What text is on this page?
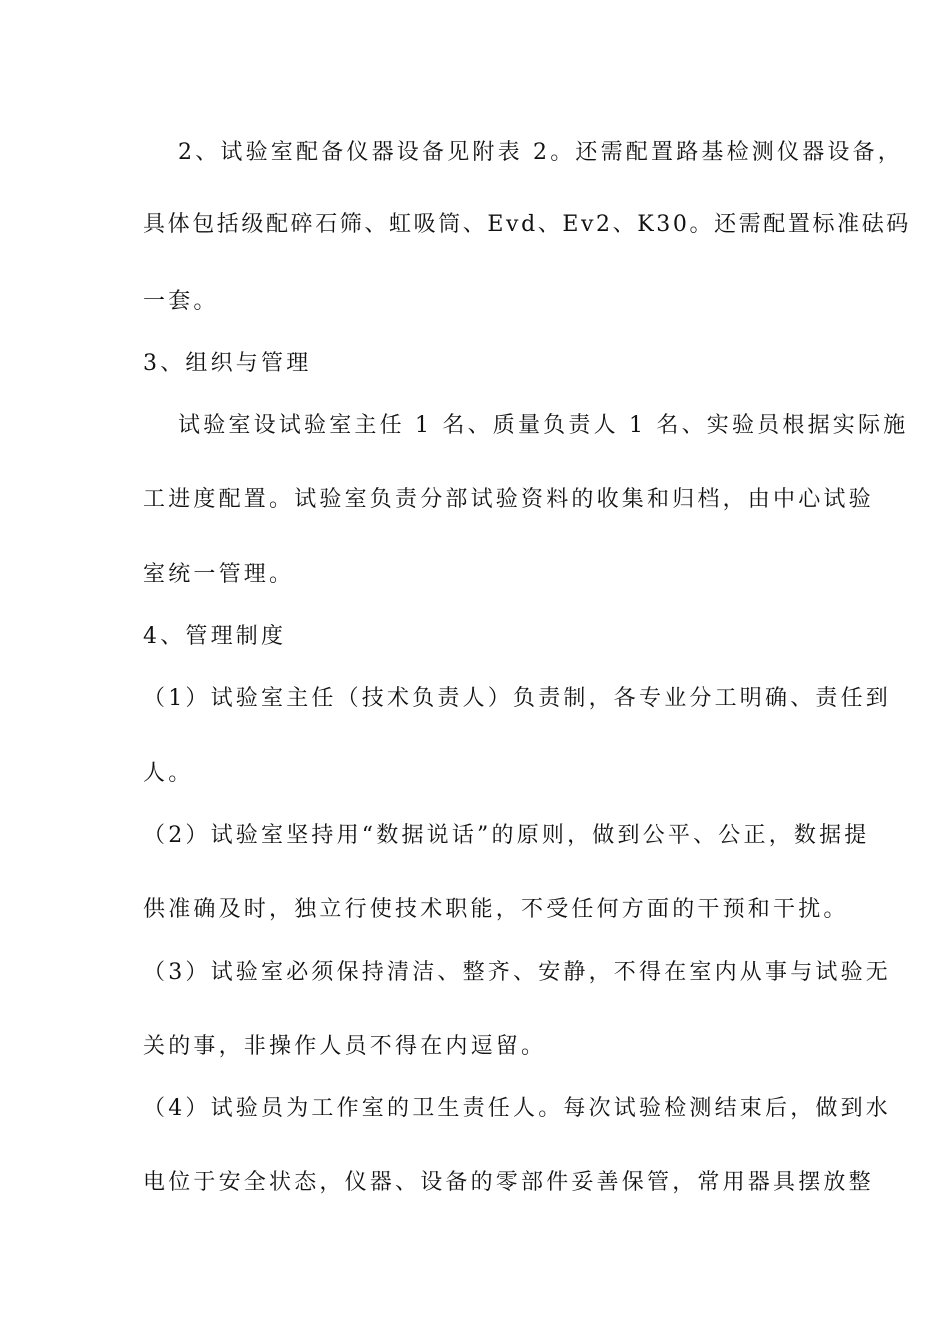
2、试验室配备仪器设备见附表 2。还需配置路基检测仪器设备，
具体包括级配碎石筛、虹吸筒、Evd、Ev2、K30。还需配置标准砝码
一套。
3、组织与管理
试验室设试验室主任 1 名、质量负责人 1 名、实验员根据实际施
工进度配置。试验室负责分部试验资料的收集和归档，由中心试验
室统一管理。
4、管理制度
（1）试验室主任（技术负责人）负责制，各专业分工明确、责任到
人。
（2）试验室坚持用“数据说话”的原则，做到公平、公正，数据提
供准确及时，独立行使技术职能，不受任何方面的干预和干扰。
（3）试验室必须保持清洁、整齐、安静，不得在室内从事与试验无
关的事，非操作人员不得在内逗留。
（4）试验员为工作室的卫生责任人。每次试验检测结束后，做到水
电位于安全状态，仪器、设备的零部件妥善保管，常用器具摆放整
